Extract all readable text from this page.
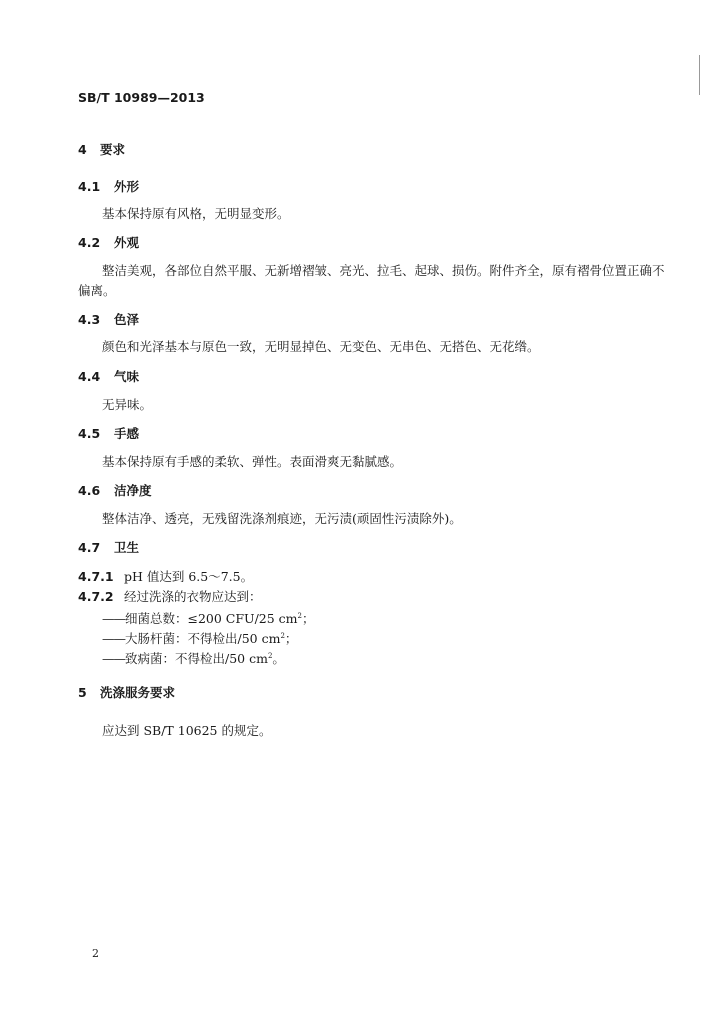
SB/T 10989—2013
4 要求
4.1 外形
基本保持原有风格，无明显变形。
4.2 外观
整洁美观，各部位自然平服、无新增褶皱、亮光、拉毛、起球、损伤。附件齐全，原有褶骨位置正确不
偏离。
4.3 色泽
颜色和光泽基本与原色一致，无明显掉色、无变色、无串色、无搭色、无花绺。
4.4 气味
无异味。
4.5 手感
基本保持原有手感的柔软、弹性。表面滑爽无黏腻感。
4.6 洁净度
整体洁净、透亮，无残留洗涤剂痕迹，无污渍(顽固性污渍除外)。
4.7 卫生
4.7.1 pH 值达到 6.5～7.5。
4.7.2 经过洗涤的衣物应达到：
——细菌总数：≤200 CFU/25 $cm^2$；
——大肠杆菌：不得检出/50 $cm^2$；
——致病菌：不得检出/50 $cm^2$。
5 洗涤服务要求
应达到 SB/T 10625 的规定。
2
